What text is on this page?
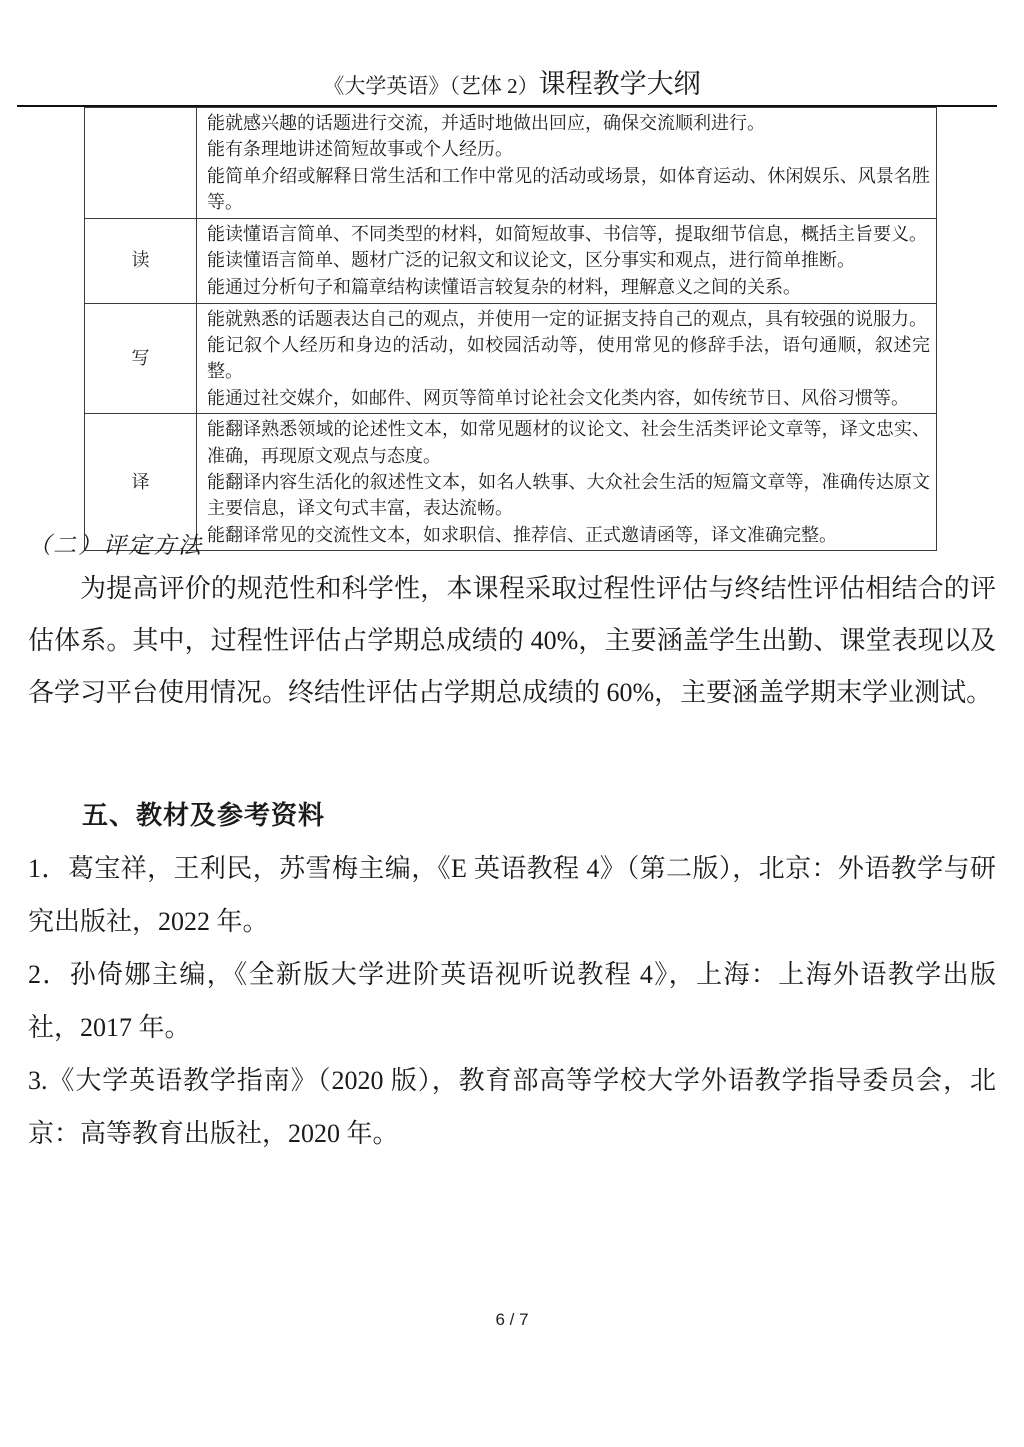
《大学英语》（艺体 2）课程教学大纲

	能就感兴趣的话题进行交流，并适时地做出回应，确保交流顺利进行。
能有条理地讲述简短故事或个人经历。
能简单介绍或解释日常生活和工作中常见的活动或场景，如体育运动、休闲娱乐、风景名胜等。

读	能读懂语言简单、不同类型的材料，如简短故事、书信等，提取细节信息，概括主旨要义。
能读懂语言简单、题材广泛的记叙文和议论文，区分事实和观点，进行简单推断。
能通过分析句子和篇章结构读懂语言较复杂的材料，理解意义之间的关系。

写	能就熟悉的话题表达自己的观点，并使用一定的证据支持自己的观点，具有较强的说服力。
能记叙个人经历和身边的活动，如校园活动等，使用常见的修辞手法，语句通顺，叙述完整。
能通过社交媒介，如邮件、网页等简单讨论社会文化类内容，如传统节日、风俗习惯等。

译	能翻译熟悉领域的论述性文本，如常见题材的议论文、社会生活类评论文章等，译文忠实、准确，再现原文观点与态度。
能翻译内容生活化的叙述性文本，如名人轶事、大众社会生活的短篇文章等，准确传达原文主要信息，译文句式丰富，表达流畅。
能翻译常见的交流性文本，如求职信、推荐信、正式邀请函等，译文准确完整。
（二）评定方法
为提高评价的规范性和科学性，本课程采取过程性评估与终结性评估相结合的评估体系。其中，过程性评估占学期总成绩的 40%，主要涵盖学生出勤、课堂表现以及各学习平台使用情况。终结性评估占学期总成绩的 60%，主要涵盖学期末学业测试。
五、教材及参考资料

1．葛宝祥，王利民，苏雪梅主编，《E 英语教程 4》（第二版），北京：外语教学与研究出版社，2022 年。

2．孙倚娜主编，《全新版大学进阶英语视听说教程 4》，上海：上海外语教学出版社，2017 年。

3.《大学英语教学指南》（2020 版），教育部高等学校大学外语教学指导委员会，北京：高等教育出版社，2020 年。

6 / 7
